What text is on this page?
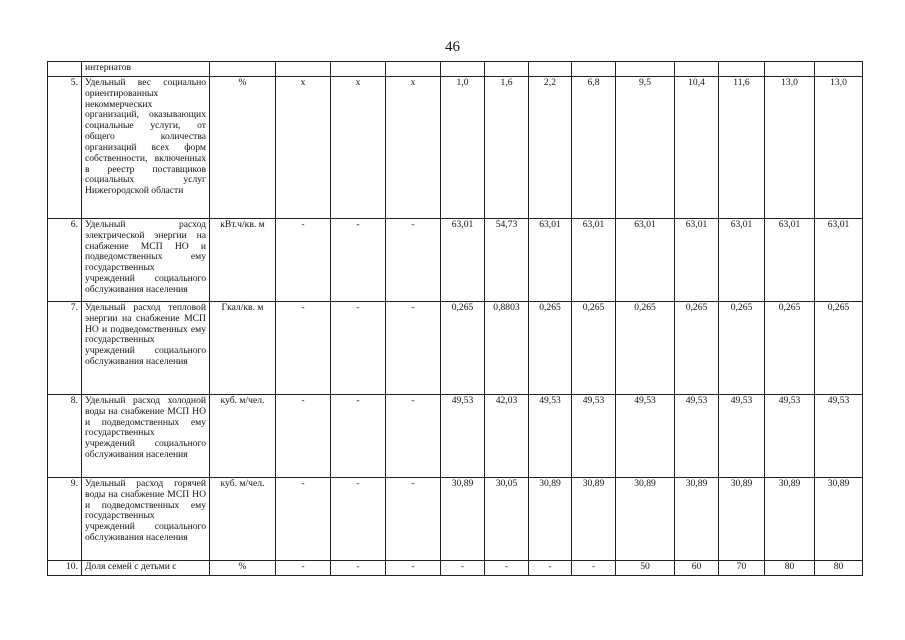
46
	интернатов													
5.	Удельный вес социально ориентированных некоммерческих организаций, оказывающих социальные услуги, от общего количества организаций всех форм собственности, включенных в реестр поставщиков социальных услуг Нижегородской области	%	x	x	x	1,0	1,6	2,2	6,8	9,5	10,4	11,6	13,0	13,0
6.	Удельный расход электрической энергии на снабжение МСП НО и подведомственных ему государственных учреждений социального обслуживания населения	кВт.ч/кв. м	-	-	-	63,01	54,73	63,01	63,01	63,01	63,01	63,01	63,01	63,01
7.	Удельный расход тепловой энергии на снабжение МСП НО и подведомственных ему государственных учреждений социального обслуживания населения	Гкал/кв. м	-	-	-	0,265	0,8803	0,265	0,265	0,265	0,265	0,265	0,265	0,265
8.	Удельный расход холодной воды на снабжение МСП НО и подведомственных ему государственных учреждений социального обслуживания населения	куб. м/чел.	-	-	-	49,53	42,03	49,53	49,53	49,53	49,53	49,53	49,53	49,53
9.	Удельный расход горячей воды на снабжение МСП НО и подведомственных ему государственных учреждений социального обслуживания населения	куб. м/чел.	-	-	-	30,89	30,05	30,89	30,89	30,89	30,89	30,89	30,89	30,89
10.	Доля семей с детьми с	%	-	-	-	-	-	-	-	50	60	70	80	80
